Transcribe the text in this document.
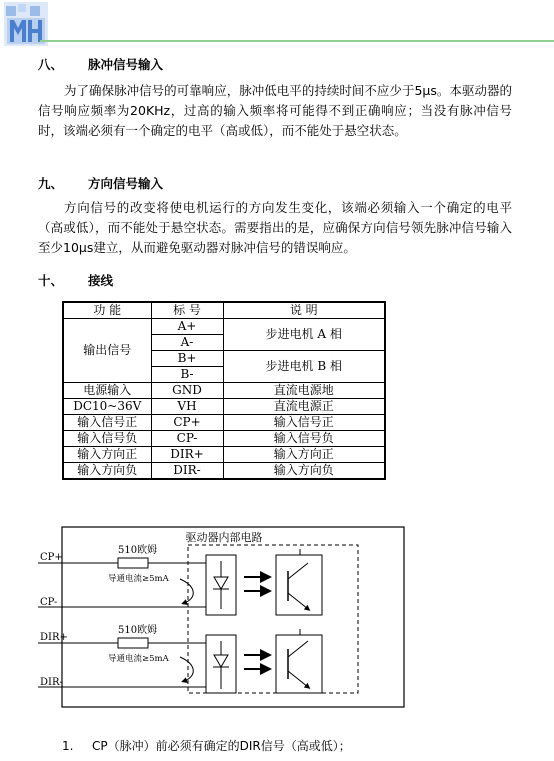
八、 脉冲信号输入
为了确保脉冲信号的可靠响应，脉冲低电平的持续时间不应少于5μs。本驱动器的信号响应频率为20KHz，过高的输入频率将可能得不到正确响应；当没有脉冲信号时，该端必须有一个确定的电平（高或低），而不能处于悬空状态。
九、 方向信号输入
方向信号的改变将使电机运行的方向发生变化，该端必须输入一个确定的电平（高或低），而不能处于悬空状态。需要指出的是，应确保方向信号领先脉冲信号输入至少10μs建立，从而避免驱动器对脉冲信号的错误响应。
十、 接线
功 能	标 号	说 明
输出信号	A+	步进电机 A 相
	A-	
	B+	步进电机 B 相
	B-	
电源输入	GND	直流电源地
DC10~36V	VH	直流电源正
输入信号正	CP+	输入信号正
输入信号负	CP-	输入信号负
输入方向正	DIR+	输入方向正
输入方向负	DIR-	输入方向负
驱动器内部电路
510欧姆
导通电流≥5mA
510欧姆
导通电流≥5mA
CP+
CP-
DIR+
DIR-
1. CP（脉冲）前必须有确定的DIR信号（高或低）；
